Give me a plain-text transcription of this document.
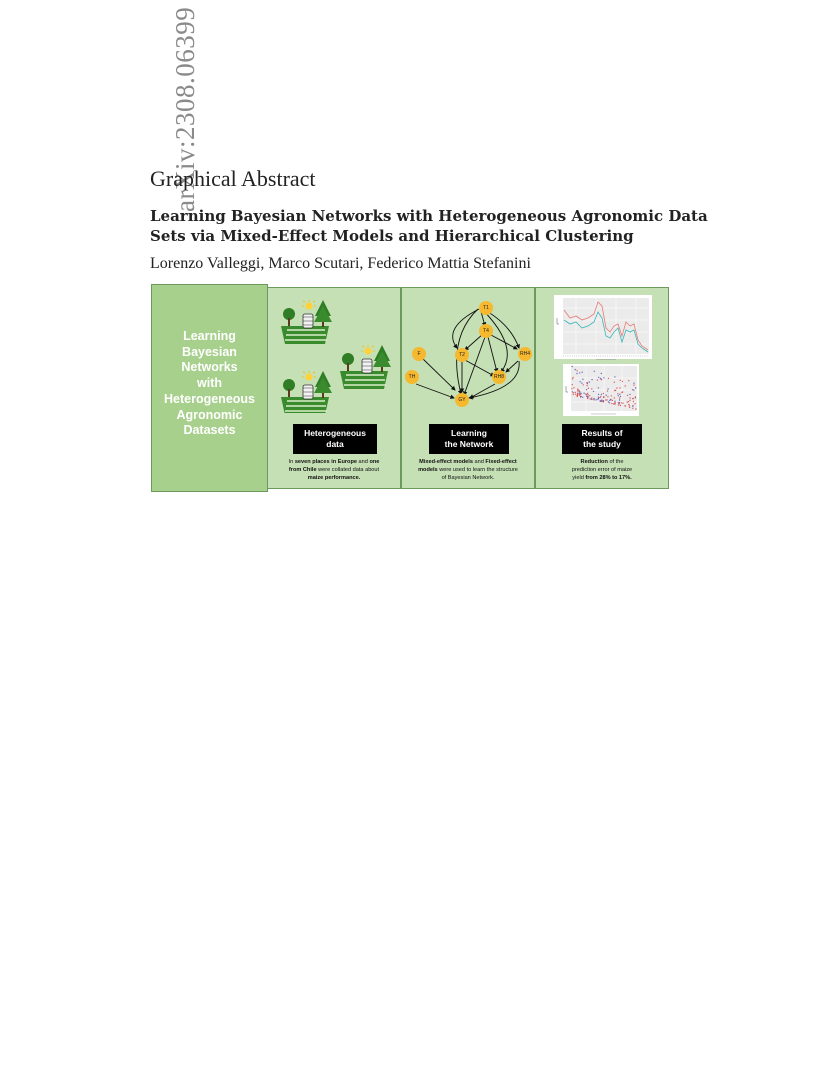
arXiv:2308.06399
Graphical Abstract
Learning Bayesian Networks with Heterogeneous Agronomic Data
Sets via Mixed-Effect Models and Hierarchical Clustering
Lorenzo Valleggi, Marco Scutari, Federico Mattia Stefanini
Learning
Bayesian
Networks
with
Heterogeneous
Agronomic
Datasets	Heterogeneous
data
In seven places in Europe and one
from Chile were collated data about
maize performance.
T1
T4
F	T2	RH4
TH	RH8
GY
Learning
the Network
Mixed-effect models and Fixed-effect
models were used to learn the structure
of Bayesian Network.
Results of
the study
Reduction of the
prediction error of maize
yield from 28% to 17%.
